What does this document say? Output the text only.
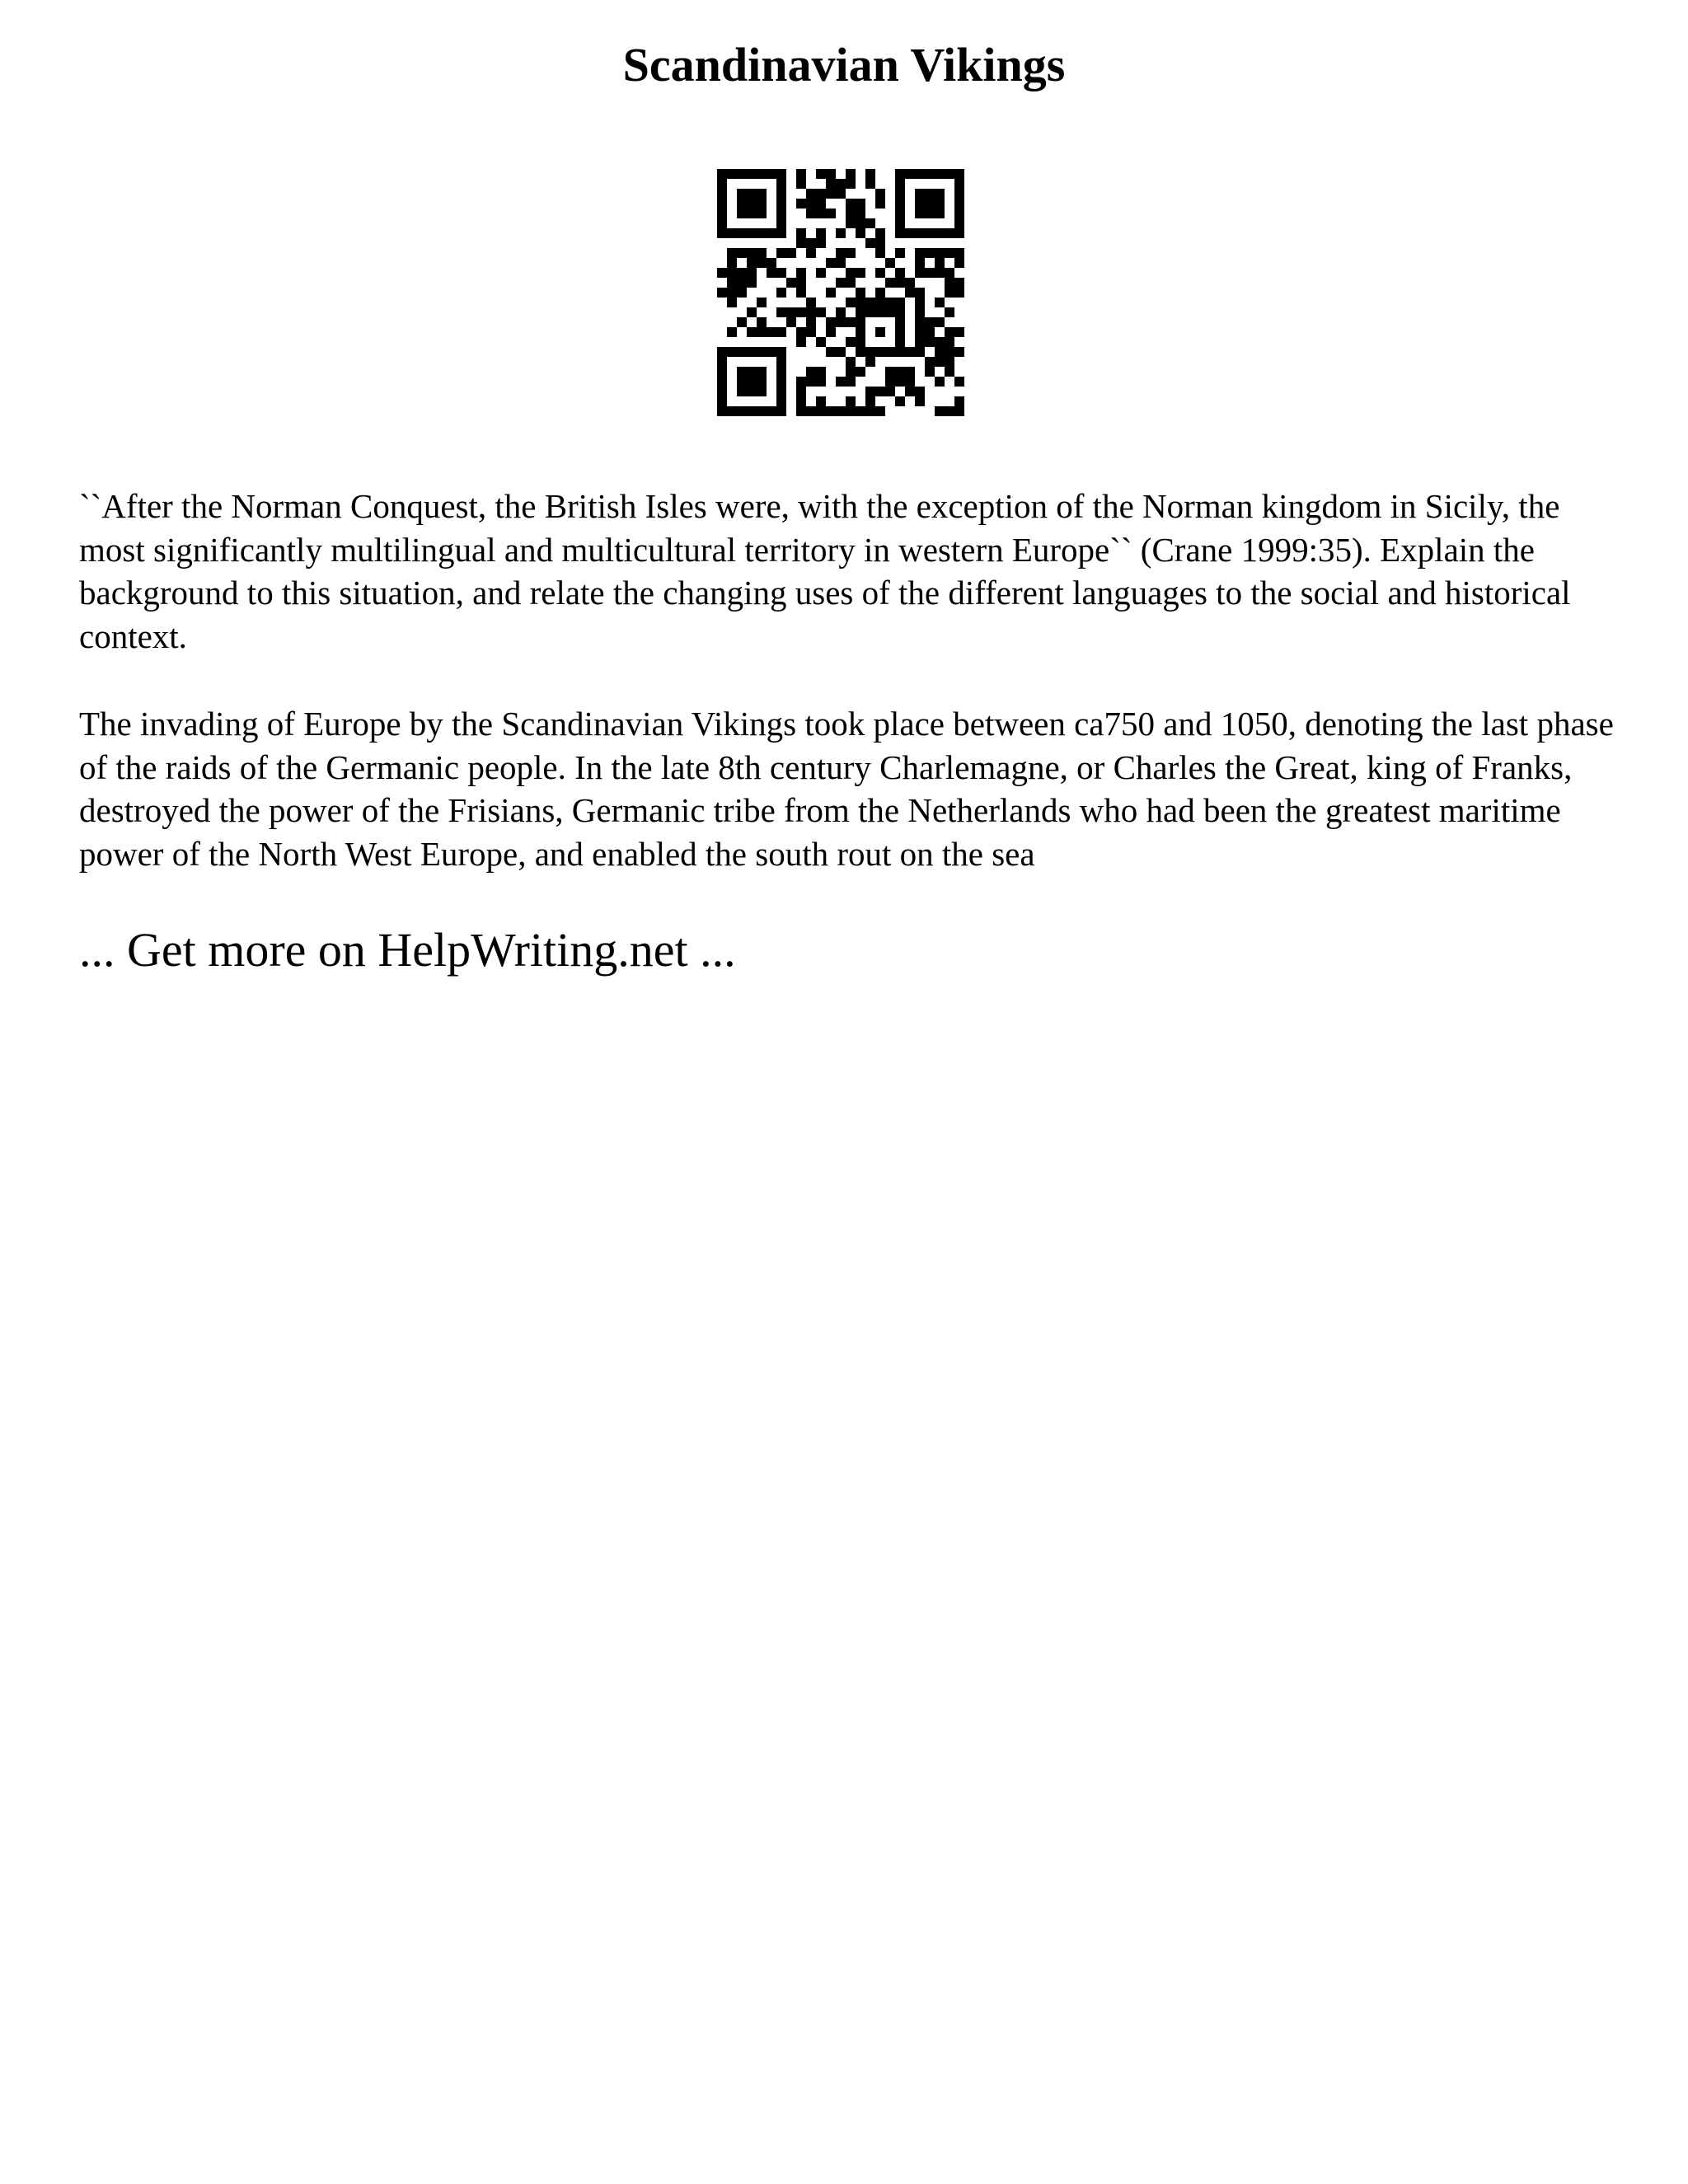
Scandinavian Vikings

``After the Norman Conquest, the British Isles were, with the exception of the Norman kingdom in Sicily, the most significantly multilingual and multicultural territory in western Europe`` (Crane 1999:35). Explain the background to this situation, and relate the changing uses of the different languages to the social and historical context.

The invading of Europe by the Scandinavian Vikings took place between ca750 and 1050, denoting the last phase of the raids of the Germanic people. In the late 8th century Charlemagne, or Charles the Great, king of Franks, destroyed the power of the Frisians, Germanic tribe from the Netherlands who had been the greatest maritime power of the North West Europe, and enabled the south rout on the sea

... Get more on HelpWriting.net ...
